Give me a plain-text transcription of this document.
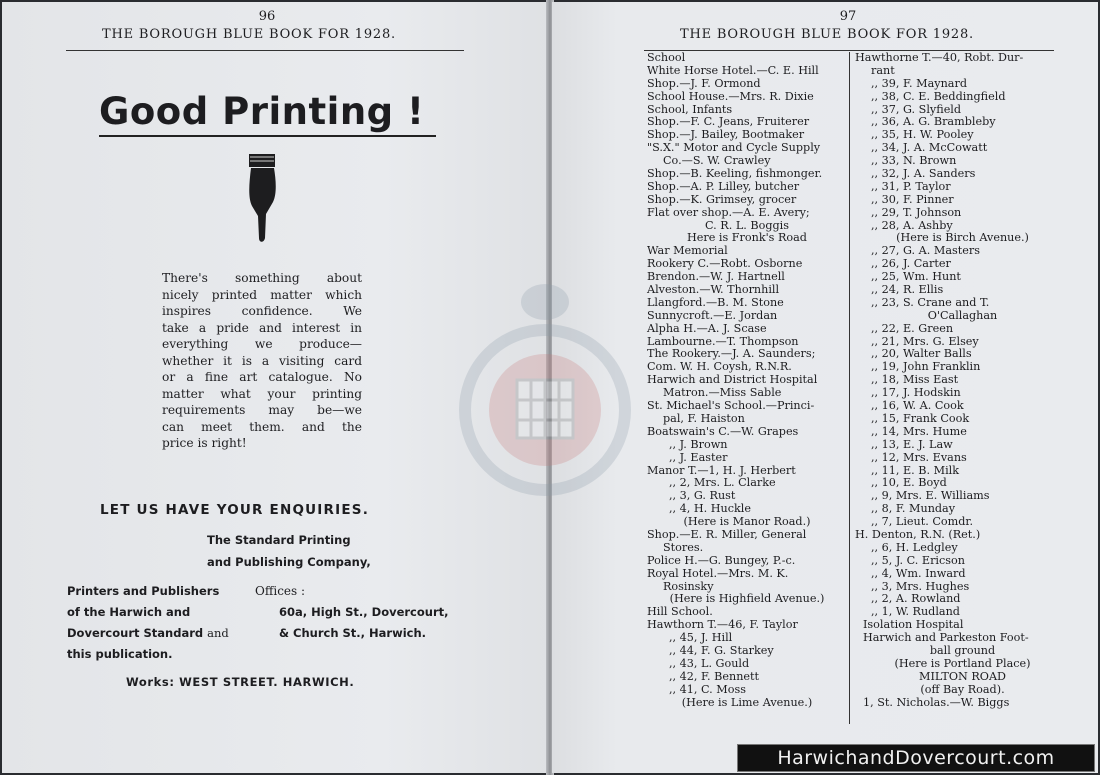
96
THE BOROUGH BLUE BOOK FOR 1928.
Good Printing !
There's something about
nicely printed matter which
inspires confidence. We
take a pride and interest in
everything we produce—
whether it is a visiting card
or a fine art catalogue. No
matter what your printing
requirements may be—we
can meet them. and the
price is right!
LET US HAVE YOUR ENQUIRIES.
The Standard Printing
and Publishing Company,
Printers and Publishers
of the Harwich and
Dovercourt Standard and
this publication.
Offices :
60a, High St., Dovercourt,
& Church St., Harwich.
Works: WEST STREET. HARWICH.
97
THE BOROUGH BLUE BOOK FOR 1928.
School
White Horse Hotel.—C. E. Hill
Shop.—J. F. Ormond
School House.—Mrs. R. Dixie
School, Infants
Shop.—F. C. Jeans, Fruiterer
Shop.—J. Bailey, Bootmaker
"S.X." Motor and Cycle Supply
Co.—S. W. Crawley
Shop.—B. Keeling, fishmonger.
Shop.—A. P. Lilley, butcher
Shop.—K. Grimsey, grocer
Flat over shop.—A. E. Avery;
C. R. L. Boggis
Here is Fronk's Road
War Memorial
Rookery C.—Robt. Osborne
Brendon.—W. J. Hartnell
Alveston.—W. Thornhill
Llangford.—B. M. Stone
Sunnycroft.—E. Jordan
Alpha H.—A. J. Scase
Lambourne.—T. Thompson
The Rookery.—J. A. Saunders;
Com. W. H. Coysh, R.N.R.
Harwich and District Hospital
Matron.—Miss Sable
St. Michael's School.—Princi-
pal, F. Haiston
Boatswain's C.—W. Grapes
,, J. Brown
,, J. Easter
Manor T.—1, H. J. Herbert
,, 2, Mrs. L. Clarke
,, 3, G. Rust
,, 4, H. Huckle
(Here is Manor Road.)
Shop.—E. R. Miller, General
Stores.
Police H.—G. Bungey, P.-c.
Royal Hotel.—Mrs. M. K.
Rosinsky
(Here is Highfield Avenue.)
Hill School.
Hawthorn T.—46, F. Taylor
,, 45, J. Hill
,, 44, F. G. Starkey
,, 43, L. Gould
,, 42, F. Bennett
,, 41, C. Moss
(Here is Lime Avenue.)
Hawthorne T.—40, Robt. Dur-
rant
,, 39, F. Maynard
,, 38, C. E. Beddingfield
,, 37, G. Slyfield
,, 36, A. G. Brambleby
,, 35, H. W. Pooley
,, 34, J. A. McCowatt
,, 33, N. Brown
,, 32, J. A. Sanders
,, 31, P. Taylor
,, 30, F. Pinner
,, 29, T. Johnson
,, 28, A. Ashby
(Here is Birch Avenue.)
,, 27, G. A. Masters
,, 26, J. Carter
,, 25, Wm. Hunt
,, 24, R. Ellis
,, 23, S. Crane and T.
O'Callaghan
,, 22, E. Green
,, 21, Mrs. G. Elsey
,, 20, Walter Balls
,, 19, John Franklin
,, 18, Miss East
,, 17, J. Hodskin
,, 16, W. A. Cook
,, 15, Frank Cook
,, 14, Mrs. Hume
,, 13, E. J. Law
,, 12, Mrs. Evans
,, 11, E. B. Milk
,, 10, E. Boyd
,, 9, Mrs. E. Williams
,, 8, F. Munday
,, 7, Lieut. Comdr.
H. Denton, R.N. (Ret.)
,, 6, H. Ledgley
,, 5, J. C. Ericson
,, 4, Wm. Inward
,, 3, Mrs. Hughes
,, 2, A. Rowland
,, 1, W. Rudland
Isolation Hospital
Harwich and Parkeston Foot-
ball ground
(Here is Portland Place)
MILTON ROAD
(off Bay Road).
1, St. Nicholas.—W. Biggs
HarwichandDovercourt.com
